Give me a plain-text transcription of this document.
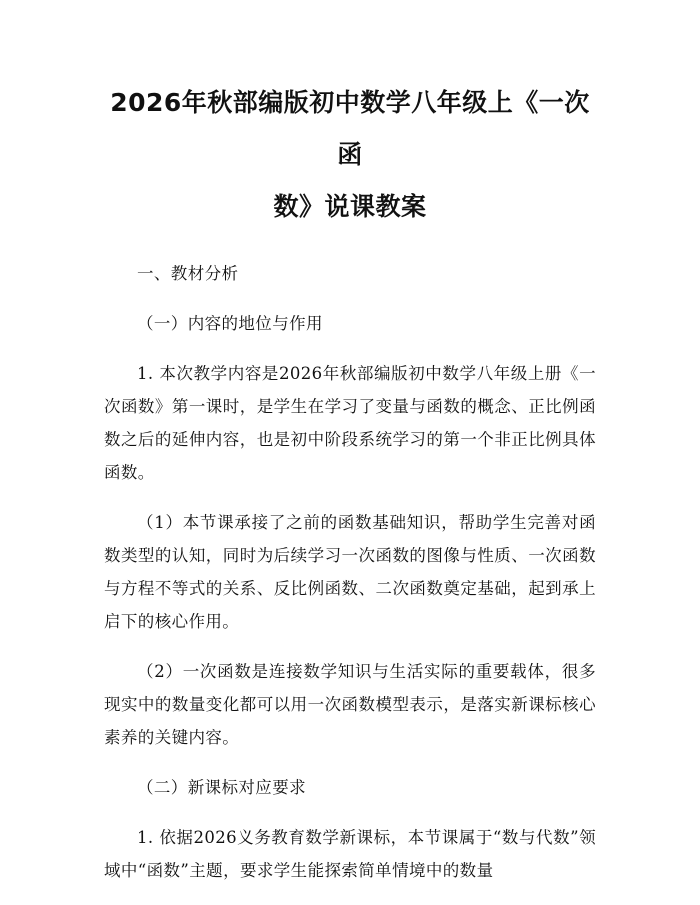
2026年秋部编版初中数学八年级上《一次函
数》说课教案

一、教材分析

（一）内容的地位与作用

1. 本次教学内容是2026年秋部编版初中数学八年级上册《一次函数》第一课时，是学生在学习了变量与函数的概念、正比例函数之后的延伸内容，也是初中阶段系统学习的第一个非正比例具体函数。

（1）本节课承接了之前的函数基础知识，帮助学生完善对函数类型的认知，同时为后续学习一次函数的图像与性质、一次函数与方程不等式的关系、反比例函数、二次函数奠定基础，起到承上启下的核心作用。

（2）一次函数是连接数学知识与生活实际的重要载体，很多现实中的数量变化都可以用一次函数模型表示，是落实新课标核心素养的关键内容。

（二）新课标对应要求

1. 依据2026义务教育数学新课标，本节课属于“数与代数”领域中“函数”主题，要求学生能探索简单情境中的数量
